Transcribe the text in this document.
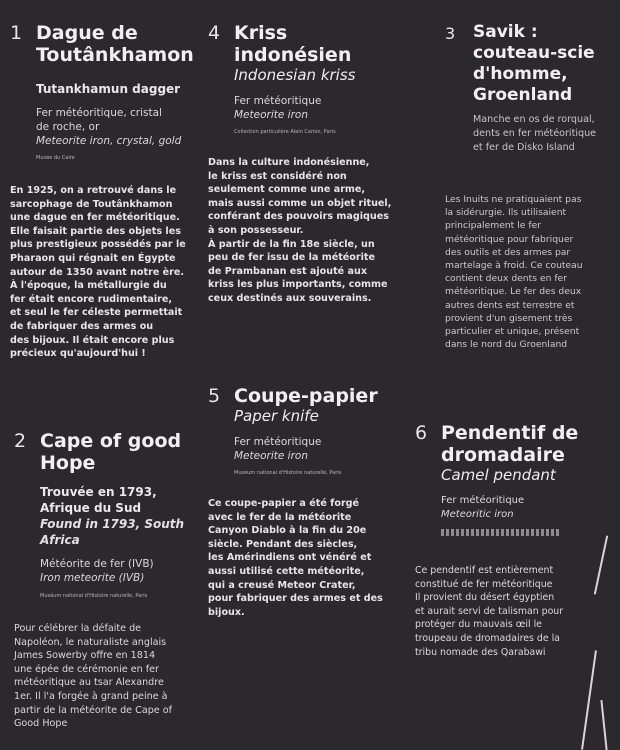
1 Dague de
Toutânkhamon

Tutankhamun dagger

Fer météoritique, cristal
de roche, or

Meteorite iron, crystal, gold

Musée du Caire

En 1925, on a retrouvé dans le
sarcophage de Toutânkhamon
une dague en fer météoritique.
Elle faisait partie des objets les
plus prestigieux possédés par le
Pharaon qui régnait en Égypte
autour de 1350 avant notre ère.
À l'époque, la métallurgie du
fer était encore rudimentaire,
et seul le fer céleste permettait
de fabriquer des armes ou
des bijoux. Il était encore plus
précieux qu'aujourd'hui !

2 Cape of good
Hope

Trouvée en 1793,
Afrique du Sud

Found in 1793, South
Africa

Météorite de fer (IVB)

Iron meteorite (IVB)

Muséum national d'Histoire naturelle, Paris

Pour célébrer la défaite de
Napoléon, le naturaliste anglais
James Sowerby offre en 1814
une épée de cérémonie en fer
météoritique au tsar Alexandre
1er. Il l'a forgée à grand peine à
partir de la météorite de Cape of
Good Hope

4 Kriss
indonésien

Indonesian kriss

Fer météoritique

Meteorite iron

Collection particulière Alain Carion, Paris

Dans la culture indonésienne,
le kriss est considéré non
seulement comme une arme,
mais aussi comme un objet rituel,
conférant des pouvoirs magiques
à son possesseur.
À partir de la fin 18e siècle, un
peu de fer issu de la météorite
de Prambanan est ajouté aux
kriss les plus importants, comme
ceux destinés aux souverains.

5 Coupe-papier

Paper knife

Fer météoritique

Meteorite iron

Muséum national d'Histoire naturelle, Paris

Ce coupe-papier a été forgé
avec le fer de la météorite
Canyon Diablo à la fin du 20e
siècle. Pendant des siècles,
les Amérindiens ont vénéré et
aussi utilisé cette météorite,
qui a creusé Meteor Crater,
pour fabriquer des armes et des
bijoux.

3 Savik :
couteau-scie
d'homme,
Groenland

Manche en os de rorqual,
dents en fer météoritique
et fer de Disko Island

Les Inuits ne pratiquaient pas
la sidérurgie. Ils utilisaient
principalement le fer
météoritique pour fabriquer
des outils et des armes par
martelage à froid. Ce couteau
contient deux dents en fer
météoritique. Le fer des deux
autres dents est terrestre et
provient d'un gisement très
particulier et unique, présent
dans le nord du Groenland

6 Pendentif de
dromadaire

Camel pendant

Fer météoritique

Meteoritic iron

Ce pendentif est entièrement
constitué de fer météoritique
Il provient du désert égyptien
et aurait servi de talisman pour
protéger du mauvais œil le
troupeau de dromadaires de la
tribu nomade des Qarabawi
